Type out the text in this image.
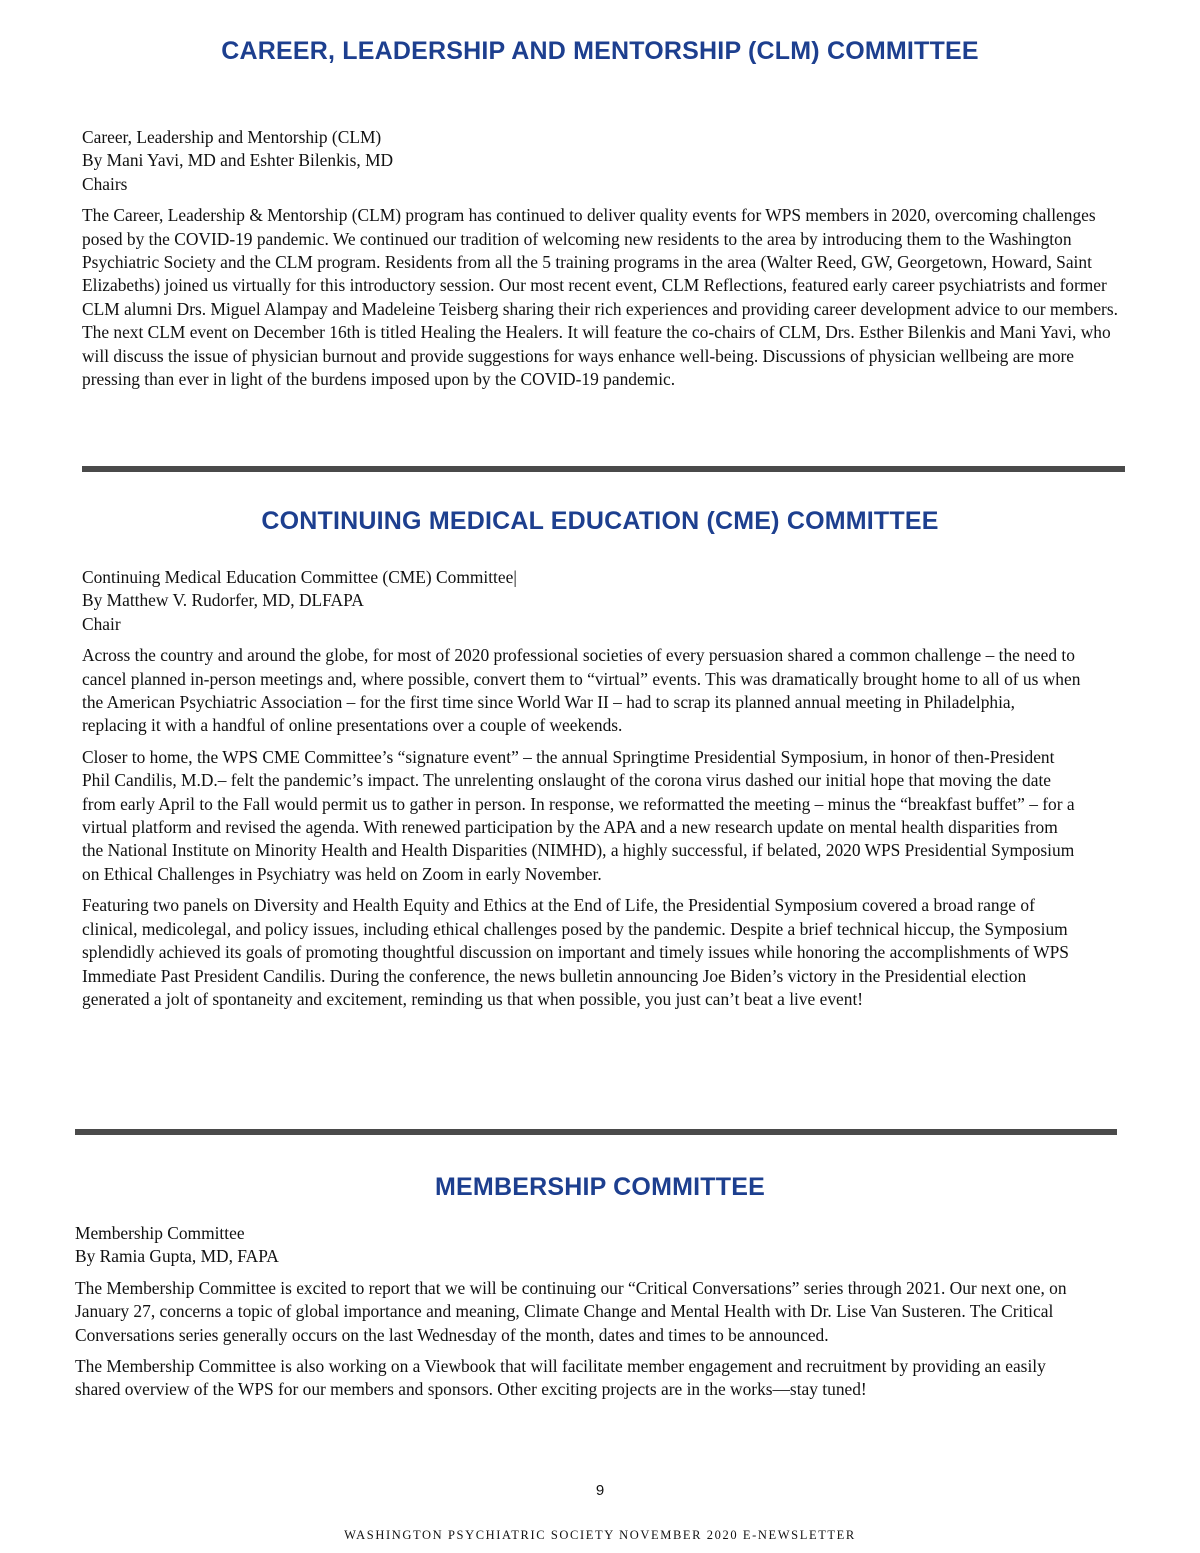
CAREER, LEADERSHIP AND MENTORSHIP (CLM) COMMITTEE
Career, Leadership and Mentorship (CLM)
By Mani Yavi, MD and Eshter Bilenkis, MD
Chairs

The Career, Leadership & Mentorship (CLM) program has continued to deliver quality events for WPS members in 2020, overcoming challenges posed by the COVID-19 pandemic. We continued our tradition of welcoming new residents to the area by introducing them to the Washington Psychiatric Society and the CLM program. Residents from all the 5 training programs in the area (Walter Reed, GW, Georgetown, Howard, Saint Elizabeths) joined us virtually for this introductory session. Our most recent event, CLM Reflections, featured early career psychiatrists and former CLM alumni Drs. Miguel Alampay and Madeleine Teisberg sharing their rich experiences and providing career development advice to our members. The next CLM event on December 16th is titled Healing the Healers. It will feature the co-chairs of CLM, Drs. Esther Bilenkis and Mani Yavi, who will discuss the issue of physician burnout and provide suggestions for ways enhance well-being. Discussions of physician wellbeing are more pressing than ever in light of the burdens imposed upon by the COVID-19 pandemic.

CONTINUING MEDICAL EDUCATION (CME) COMMITTEE
Continuing Medical Education Committee (CME) Committee|
By Matthew V. Rudorfer, MD, DLFAPA
Chair

Across the country and around the globe, for most of 2020 professional societies of every persuasion shared a common challenge – the need to cancel planned in-person meetings and, where possible, convert them to “virtual” events. This was dramatically brought home to all of us when the American Psychiatric Association – for the first time since World War II – had to scrap its planned annual meeting in Philadelphia, replacing it with a handful of online presentations over a couple of weekends.

Closer to home, the WPS CME Committee’s “signature event” – the annual Springtime Presidential Symposium, in honor of then-President Phil Candilis, M.D.– felt the pandemic’s impact. The unrelenting onslaught of the corona virus dashed our initial hope that moving the date from early April to the Fall would permit us to gather in person. In response, we reformatted the meeting – minus the “breakfast buffet” – for a virtual platform and revised the agenda. With renewed participation by the APA and a new research update on mental health disparities from the National Institute on Minority Health and Health Disparities (NIMHD), a highly successful, if belated, 2020 WPS Presidential Symposium on Ethical Challenges in Psychiatry was held on Zoom in early November.

Featuring two panels on Diversity and Health Equity and Ethics at the End of Life, the Presidential Symposium covered a broad range of clinical, medicolegal, and policy issues, including ethical challenges posed by the pandemic. Despite a brief technical hiccup, the Symposium splendidly achieved its goals of promoting thoughtful discussion on important and timely issues while honoring the accomplishments of WPS Immediate Past President Candilis. During the conference, the news bulletin announcing Joe Biden’s victory in the Presidential election generated a jolt of spontaneity and excitement, reminding us that when possible, you just can’t beat a live event!

MEMBERSHIP COMMITTEE
Membership Committee
By Ramia Gupta, MD, FAPA

The Membership Committee is excited to report that we will be continuing our “Critical Conversations” series through 2021. Our next one, on January 27, concerns a topic of global importance and meaning, Climate Change and Mental Health with Dr. Lise Van Susteren. The Critical Conversations series generally occurs on the last Wednesday of the month, dates and times to be announced.

The Membership Committee is also working on a Viewbook that will facilitate member engagement and recruitment by providing an easily shared overview of the WPS for our members and sponsors. Other exciting projects are in the works—stay tuned!

9
WASHINGTON PSYCHIATRIC SOCIETY NOVEMBER 2020 E-NEWSLETTER
